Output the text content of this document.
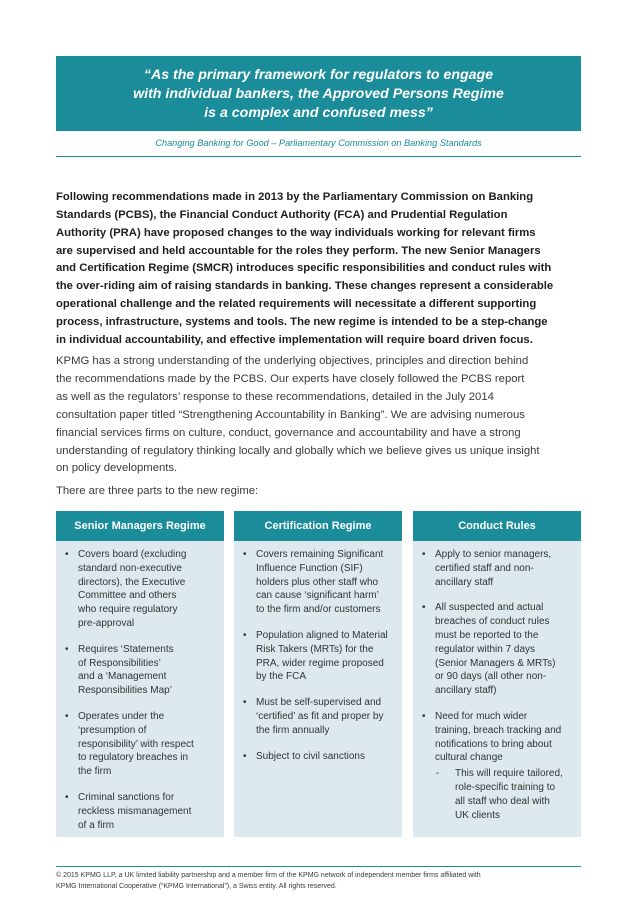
“As the primary framework for regulators to engage
with individual bankers, the Approved Persons Regime
is a complex and confused mess”
Changing Banking for Good – Parliamentary Commission on Banking Standards
Following recommendations made in 2013 by the Parliamentary Commission on Banking
Standards (PCBS), the Financial Conduct Authority (FCA) and Prudential Regulation
Authority (PRA) have proposed changes to the way individuals working for relevant firms
are supervised and held accountable for the roles they perform. The new Senior Managers
and Certification Regime (SMCR) introduces specific responsibilities and conduct rules with
the over-riding aim of raising standards in banking. These changes represent a considerable
operational challenge and the related requirements will necessitate a different supporting
process, infrastructure, systems and tools. The new regime is intended to be a step-change
in individual accountability, and effective implementation will require board driven focus.
KPMG has a strong understanding of the underlying objectives, principles and direction behind
the recommendations made by the PCBS. Our experts have closely followed the PCBS report
as well as the regulators’ response to these recommendations, detailed in the July 2014
consultation paper titled “Strengthening Accountability in Banking”. We are advising numerous
financial services firms on culture, conduct, governance and accountability and have a strong
understanding of regulatory thinking locally and globally which we believe gives us unique insight
on policy developments.
There are three parts to the new regime:
Senior Managers Regime
• Covers board (excluding
standard non-executive
directors), the Executive
Committee and others
who require regulatory
pre-approval
• Requires ‘Statements
of Responsibilities’
and a ‘Management
Responsibilities Map’
• Operates under the
‘presumption of
responsibility’ with respect
to regulatory breaches in
the firm
• Criminal sanctions for
reckless mismanagement
of a firm
Certification Regime
• Covers remaining Significant
Influence Function (SIF)
holders plus other staff who
can cause ‘significant harm’
to the firm and/or customers
• Population aligned to Material
Risk Takers (MRTs) for the
PRA, wider regime proposed
by the FCA
• Must be self-supervised and
‘certified’ as fit and proper by
the firm annually
• Subject to civil sanctions
Conduct Rules
• Apply to senior managers,
certified staff and non-
ancillary staff
• All suspected and actual
breaches of conduct rules
must be reported to the
regulator within 7 days
(Senior Managers & MRTs)
or 90 days (all other non-
ancillary staff)
• Need for much wider
training, breach tracking and
notifications to bring about
cultural change
- This will require tailored,
role-specific training to
all staff who deal with
UK clients
© 2015 KPMG LLP, a UK limited liability partnership and a member firm of the KPMG network of independent member firms affiliated with
KPMG International Cooperative (“KPMG International”), a Swiss entity. All rights reserved.
